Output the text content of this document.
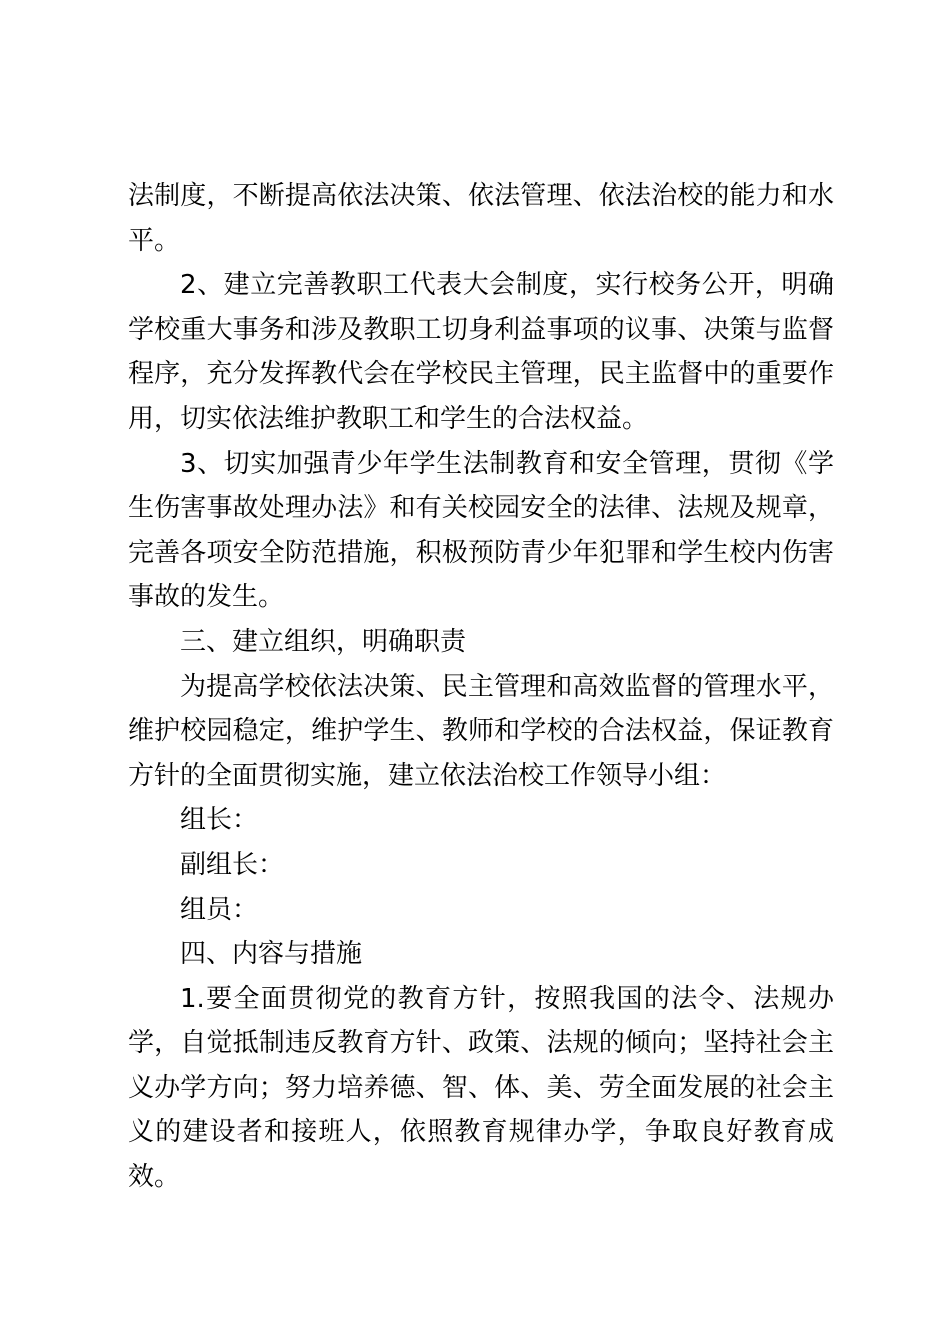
法制度，不断提高依法决策、依法管理、依法治校的能力和水平。

2、建立完善教职工代表大会制度，实行校务公开，明确学校重大事务和涉及教职工切身利益事项的议事、决策与监督程序，充分发挥教代会在学校民主管理，民主监督中的重要作用，切实依法维护教职工和学生的合法权益。

3、切实加强青少年学生法制教育和安全管理，贯彻《学生伤害事故处理办法》和有关校园安全的法律、法规及规章，完善各项安全防范措施，积极预防青少年犯罪和学生校内伤害事故的发生。

三、建立组织，明确职责

为提高学校依法决策、民主管理和高效监督的管理水平，维护校园稳定，维护学生、教师和学校的合法权益，保证教育方针的全面贯彻实施，建立依法治校工作领导小组：

组长：

副组长：

组员：

四、内容与措施

1.要全面贯彻党的教育方针，按照我国的法令、法规办学，自觉抵制违反教育方针、政策、法规的倾向；坚持社会主义办学方向；努力培养德、智、体、美、劳全面发展的社会主义的建设者和接班人，依照教育规律办学，争取良好教育成效。
